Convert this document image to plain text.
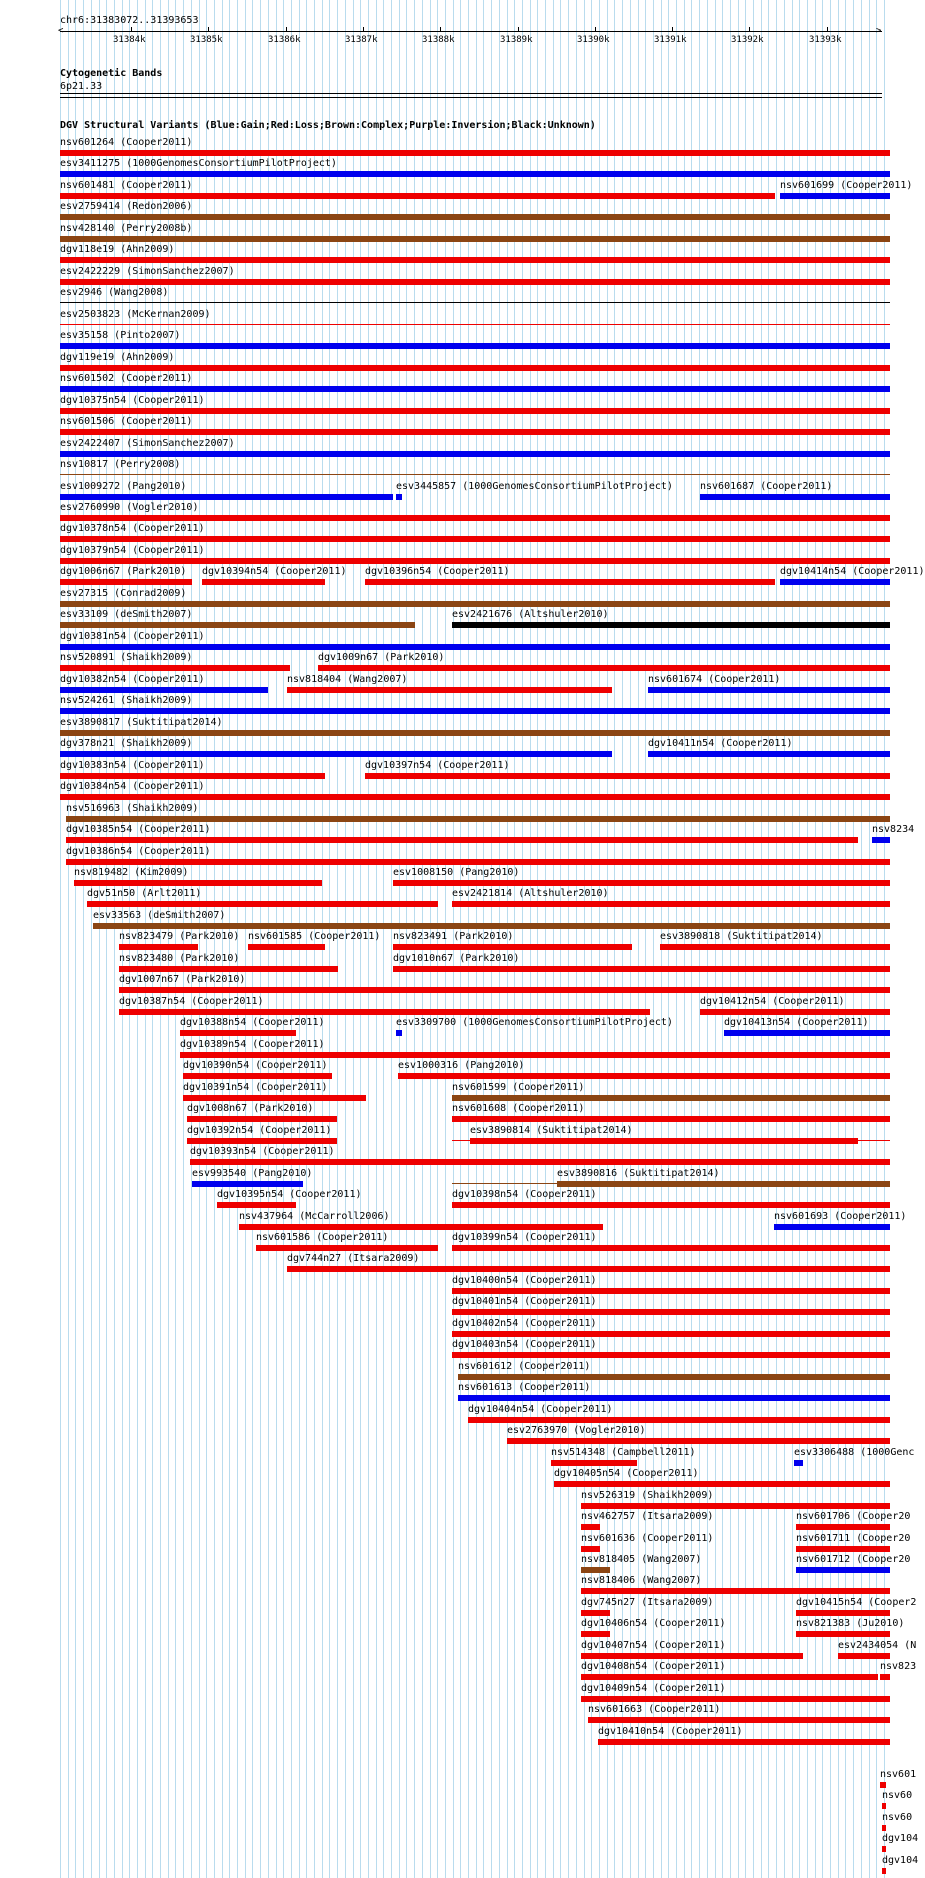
chr6:31383072..31393653
31384k	31385k	31386k	31387k	31388k	31389k	31390k	31391k	31392k	31393k
<	>
Cytogenetic Bands
6p21.33
DGV Structural Variants (Blue:Gain;Red:Loss;Brown:Complex;Purple:Inversion;Black:Unknown)
nsv601264 (Cooper2011)
esv3411275 (1000GenomesConsortiumPilotProject)
nsv601481 (Cooper2011)	nsv601699 (Cooper2011)
esv2759414 (Redon2006)
nsv428140 (Perry2008b)
dgv118e19 (Ahn2009)
esv2422229 (SimonSanchez2007)
esv2946 (Wang2008)
esv2503823 (McKernan2009)
esv35158 (Pinto2007)
dgv119e19 (Ahn2009)
nsv601502 (Cooper2011)
dgv10375n54 (Cooper2011)
nsv601506 (Cooper2011)
esv2422407 (SimonSanchez2007)
nsv10817 (Perry2008)
esv1009272 (Pang2010)	esv3445857 (1000GenomesConsortiumPilotProject)	nsv601687 (Cooper2011)
esv2760990 (Vogler2010)
dgv10378n54 (Cooper2011)
dgv10379n54 (Cooper2011)
dgv1006n67 (Park2010) dgv10394n54 (Cooper2011) dgv10396n54 (Cooper2011)	dgv10414n54 (Cooper2011)
esv27315 (Conrad2009)
esv33109 (deSmith2007)	esv2421676 (Altshuler2010)
dgv10381n54 (Cooper2011)
nsv520891 (Shaikh2009)	dgv1009n67 (Park2010)
dgv10382n54 (Cooper2011)	nsv818404 (Wang2007)	nsv601674 (Cooper2011)
nsv524261 (Shaikh2009)
esv3890817 (Suktitipat2014)
dgv378n21 (Shaikh2009)	dgv10411n54 (Cooper2011)
dgv10383n54 (Cooper2011)	dgv10397n54 (Cooper2011)
dgv10384n54 (Cooper2011)
nsv516963 (Shaikh2009)
dgv10385n54 (Cooper2011)	nsv8234
dgv10386n54 (Cooper2011)
nsv819482 (Kim2009)	esv1008150 (Pang2010)
dgv51n50 (Arlt2011)	esv2421814 (Altshuler2010)
esv33563 (deSmith2007)
nsv823479 (Park2010) nsv601585 (Cooper2011) nsv823491 (Park2010)	esv3890818 (Suktitipat2014)
nsv823480 (Park2010)	dgv1010n67 (Park2010)
dgv1007n67 (Park2010)
dgv10387n54 (Cooper2011)	dgv10412n54 (Cooper2011)
dgv10388n54 (Cooper2011)	esv3309700 (1000GenomesConsortiumPilotProject)	dgv10413n54 (Cooper2011)
dgv10389n54 (Cooper2011)
dgv10390n54 (Cooper2011)	esv1000316 (Pang2010)
dgv10391n54 (Cooper2011)	nsv601599 (Cooper2011)
dgv1008n67 (Park2010)	nsv601608 (Cooper2011)
dgv10392n54 (Cooper2011)	esv3890814 (Suktitipat2014)
dgv10393n54 (Cooper2011)
esv993540 (Pang2010)	esv3890816 (Suktitipat2014)
dgv10395n54 (Cooper2011)	dgv10398n54 (Cooper2011)
nsv437964 (McCarroll2006)	nsv601693 (Cooper2011)
nsv601586 (Cooper2011)	dgv10399n54 (Cooper2011)
dgv744n27 (Itsara2009)
dgv10400n54 (Cooper2011)
dgv10401n54 (Cooper2011)
dgv10402n54 (Cooper2011)
dgv10403n54 (Cooper2011)
nsv601612 (Cooper2011)
nsv601613 (Cooper2011)
dgv10404n54 (Cooper2011)
esv2763970 (Vogler2010)
nsv514348 (Campbell2011)	esv3306488 (1000Genc
dgv10405n54 (Cooper2011)
nsv526319 (Shaikh2009)
nsv462757 (Itsara2009)	nsv601706 (Cooper20
nsv601636 (Cooper2011)	nsv601711 (Cooper20
nsv818405 (Wang2007)	nsv601712 (Cooper20
nsv818406 (Wang2007)
dgv745n27 (Itsara2009)	dgv10415n54 (Cooper2
dgv10406n54 (Cooper2011)	nsv821383 (Ju2010)
dgv10407n54 (Cooper2011)	esv2434054 (N
dgv10408n54 (Cooper2011)	nsv823
dgv10409n54 (Cooper2011)
nsv601663 (Cooper2011)
dgv10410n54 (Cooper2011)
nsv601
nsv60
nsv60
dgv104
dgv104
